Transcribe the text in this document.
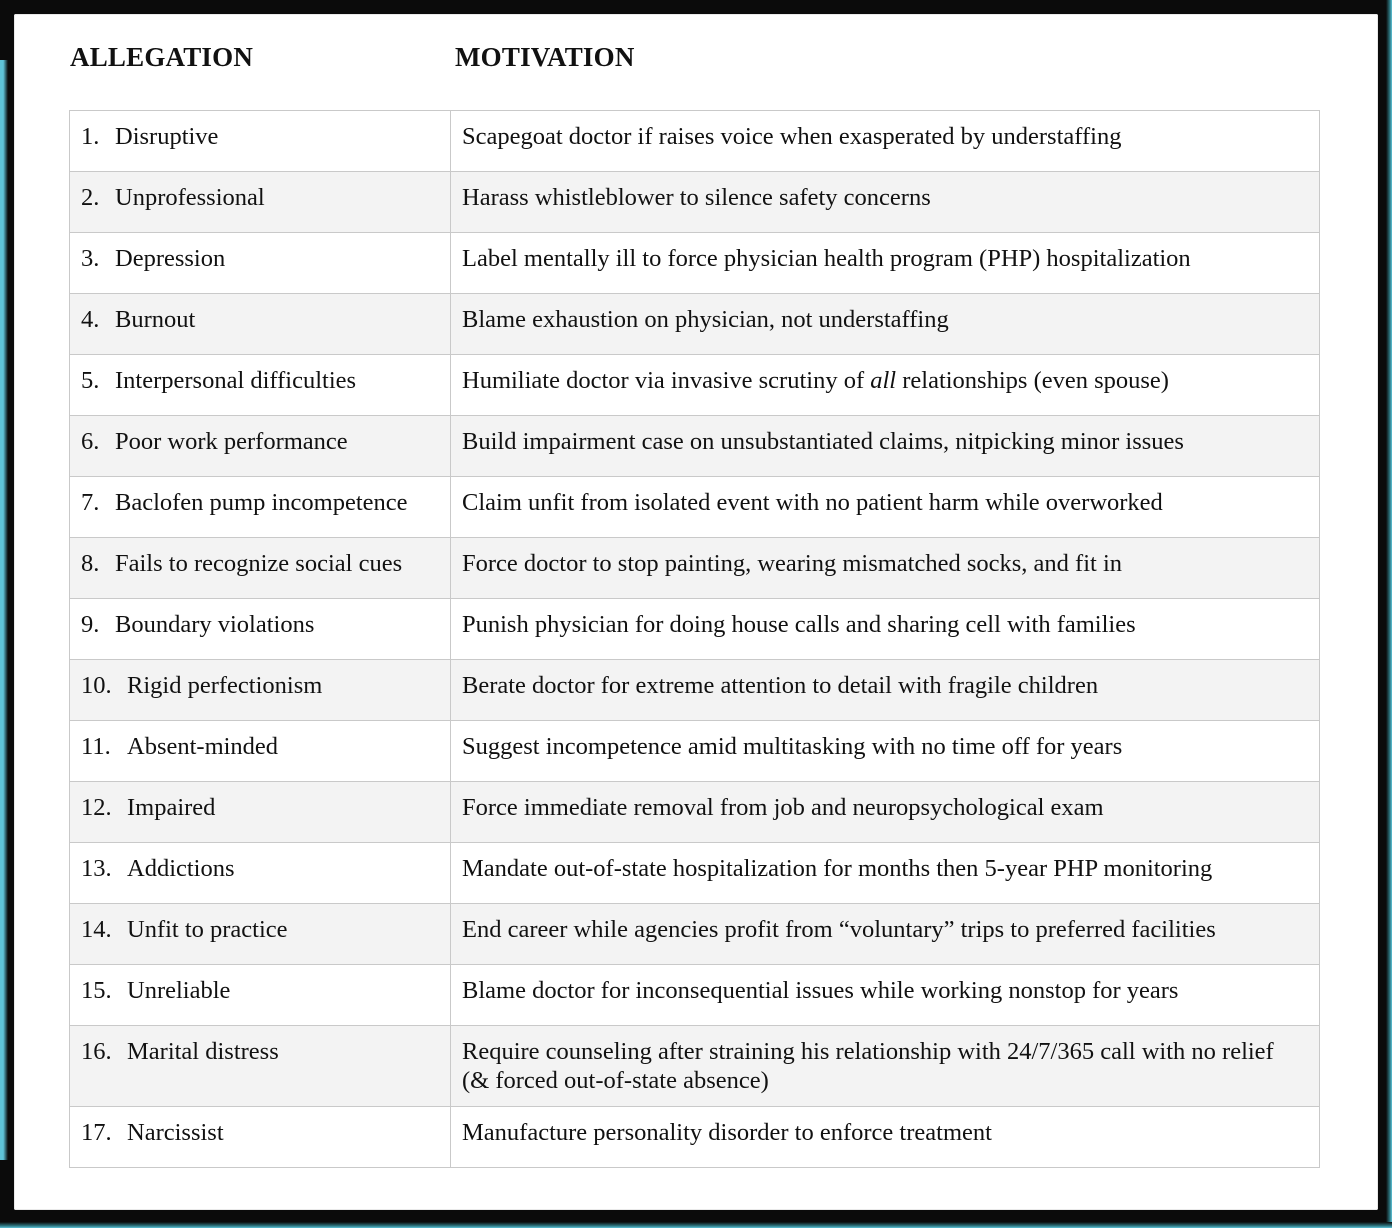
ALLEGATION	MOTIVATION
1. Disruptive	Scapegoat doctor if raises voice when exasperated by understaffing
2. Unprofessional	Harass whistleblower to silence safety concerns
3. Depression	Label mentally ill to force physician health program (PHP) hospitalization
4. Burnout	Blame exhaustion on physician, not understaffing
5. Interpersonal difficulties	Humiliate doctor via invasive scrutiny of all relationships (even spouse)
6. Poor work performance	Build impairment case on unsubstantiated claims, nitpicking minor issues
7. Baclofen pump incompetence	Claim unfit from isolated event with no patient harm while overworked
8. Fails to recognize social cues	Force doctor to stop painting, wearing mismatched socks, and fit in
9. Boundary violations	Punish physician for doing house calls and sharing cell with families
10. Rigid perfectionism	Berate doctor for extreme attention to detail with fragile children
11. Absent-minded	Suggest incompetence amid multitasking with no time off for years
12. Impaired	Force immediate removal from job and neuropsychological exam
13. Addictions	Mandate out-of-state hospitalization for months then 5-year PHP monitoring
14. Unfit to practice	End career while agencies profit from “voluntary” trips to preferred facilities
15. Unreliable	Blame doctor for inconsequential issues while working nonstop for years
16. Marital distress	Require counseling after straining his relationship with 24/7/365 call with no relief (& forced out-of-state absence)
17. Narcissist	Manufacture personality disorder to enforce treatment
